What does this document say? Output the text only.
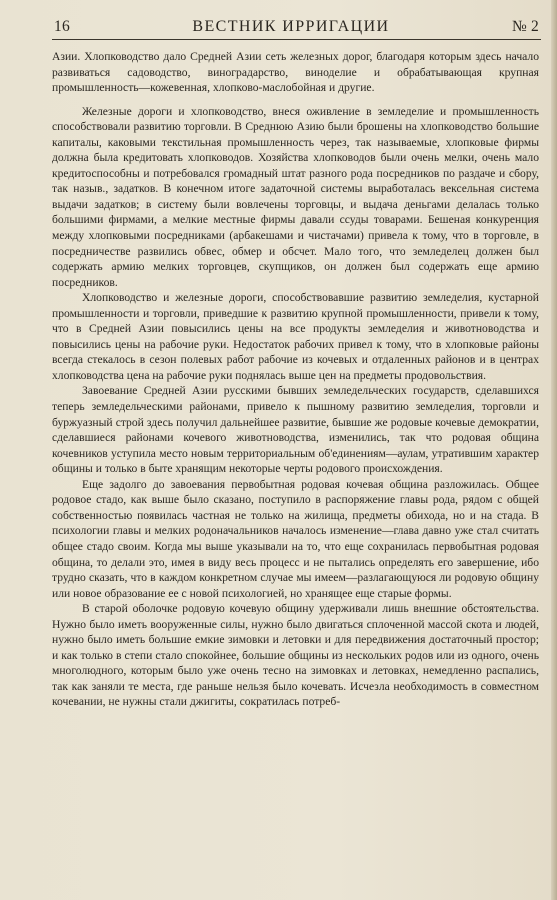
16	ВЕСТНИК ИРРИГАЦИИ	№ 2

Азии. Хлопководство дало Средней Азии сеть железных дорог, благодаря которым здесь начало развиваться садоводство, виноградарство, виноделие и обрабатывающая крупная промышленность—кожевенная, хлопково-маслобойная и другие.

Железные дороги и хлопководство, внеся оживление в земледелие и промышленность способствовали развитию торговли. В Среднюю Азию были брошены на хлопководство большие капиталы, каковыми текстильная промышленность через, так называемые, хлопковые фирмы должна была кредитовать хлопководов. Хозяйства хлопководов были очень мелки, очень мало кредитоспособны и потребовался громадный штат разного рода посредников по раздаче и сбору, так назыв., задатков. В конечном итоге задаточной системы выработалась вексельная система выдачи задатков; в систему были вовлечены торговцы, и выдача деньгами делалась только большими фирмами, а мелкие местные фирмы давали ссуды товарами. Бешеная конкуренция между хлопковыми посредниками (арбакешами и чистачами) привела к тому, что в торговле, в посредничестве развились обвес, обмер и обсчет. Мало того, что земледелец должен был содержать армию мелких торговцев, скупщиков, он должен был содержать еще армию посредников.

Хлопководство и железные дороги, способствовавшие развитию земледелия, кустарной промышленности и торговли, приведшие к развитию крупной промышленности, привели к тому, что в Средней Азии повысились цены на все продукты земледелия и животноводства и повысились цены на рабочие руки. Недостаток рабочих привел к тому, что в хлопковые районы всегда стекалось в сезон полевых работ рабочие из кочевых и отдаленных районов и в центрах хлопководства цена на рабочие руки поднялась выше цен на предметы продовольствия.

Завоевание Средней Азии русскими бывших земледельческих государств, сделавшихся теперь земледельческими районами, привело к пышному развитию земледелия, торговли и буржуазный строй здесь получил дальнейшее развитие, бывшие же родовые кочевые демократии, сделавшиеся районами кочевого животноводства, изменились, так что родовая община кочевников уступила место новым территориальным об'единениям—аулам, утратившим характер общины и только в быте хранящим некоторые черты родового происхождения.

Еще задолго до завоевания первобытная родовая кочевая община разложилась. Общее родовое стадо, как выше было сказано, поступило в распоряжение главы рода, рядом с общей собственностью появилась частная не только на жилища, предметы обихода, но и на стада. В психологии главы и мелких родоначальников началось изменение—глава давно уже стал считать общее стадо своим. Когда мы выше указывали на то, что еще сохранилась первобытная родовая община, то делали это, имея в виду весь процесс и не пытались определять его завершение, ибо трудно сказать, что в каждом конкретном случае мы имеем—разлагающуюся ли родовую общину или новое образование ее с новой психологией, но хранящее еще старые формы.

В старой оболочке родовую кочевую общину удерживали лишь внешние обстоятельства. Нужно было иметь вооруженные силы, нужно было двигаться сплоченной массой скота и людей, нужно было иметь большие емкие зимовки и летовки и для передвижения достаточный простор; и как только в степи стало спокойнее, большие общины из нескольких родов или из одного, очень многолюдного, которым было уже очень тесно на зимовках и летовках, немедленно распались, так как заняли те места, где раньше нельзя было кочевать. Исчезла необходимость в совместном кочевании, не нужны стали джигиты, сократилась потреб-
